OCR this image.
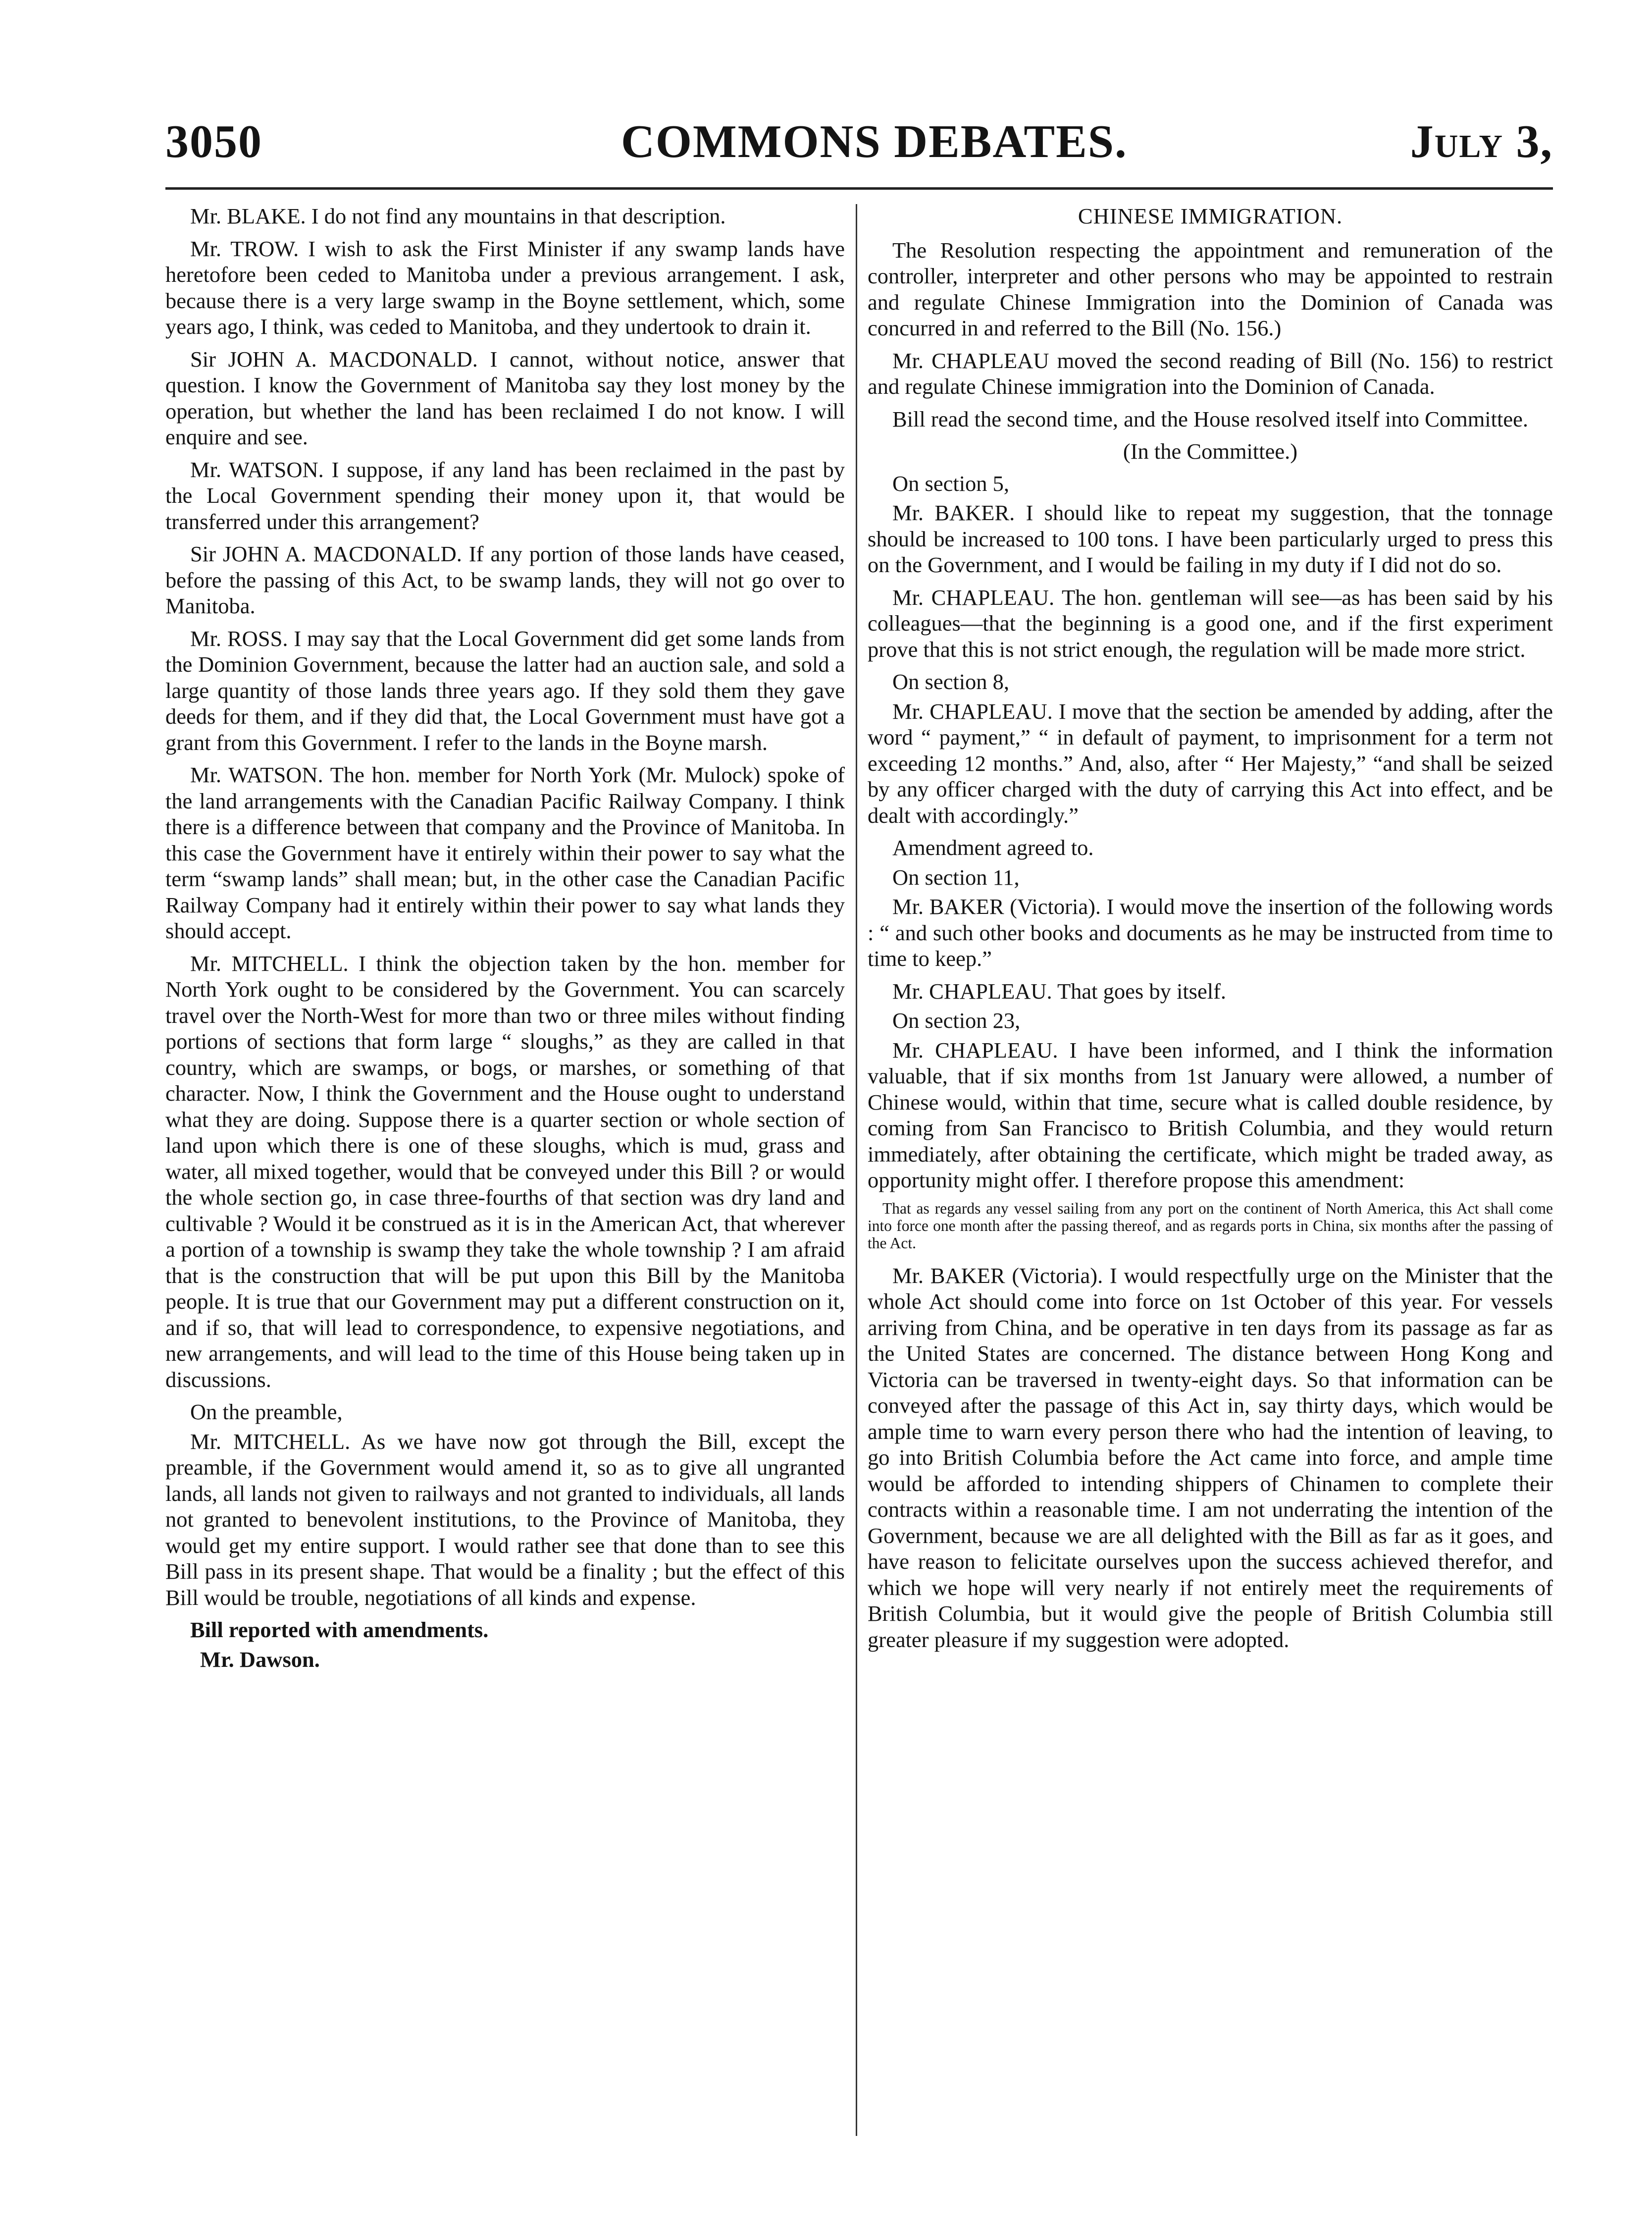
3050	COMMONS DEBATES.	July 3,

Mr. BLAKE. I do not find any mountains in that description.

Mr. TROW. I wish to ask the First Minister if any swamp lands have heretofore been ceded to Manitoba under a previous arrangement. I ask, because there is a very large swamp in the Boyne settlement, which, some years ago, I think, was ceded to Manitoba, and they undertook to drain it.

Sir JOHN A. MACDONALD. I cannot, without notice, answer that question. I know the Government of Manitoba say they lost money by the operation, but whether the land has been reclaimed I do not know. I will enquire and see.

Mr. WATSON. I suppose, if any land has been reclaimed in the past by the Local Government spending their money upon it, that would be transferred under this arrangement?

Sir JOHN A. MACDONALD. If any portion of those lands have ceased, before the passing of this Act, to be swamp lands, they will not go over to Manitoba.

Mr. ROSS. I may say that the Local Government did get some lands from the Dominion Government, because the latter had an auction sale, and sold a large quantity of those lands three years ago. If they sold them they gave deeds for them, and if they did that, the Local Government must have got a grant from this Government. I refer to the lands in the Boyne marsh.

Mr. WATSON. The hon. member for North York (Mr. Mulock) spoke of the land arrangements with the Canadian Pacific Railway Company. I think there is a difference between that company and the Province of Manitoba. In this case the Government have it entirely within their power to say what the term “swamp lands” shall mean; but, in the other case the Canadian Pacific Railway Company had it entirely within their power to say what lands they should accept.

Mr. MITCHELL. I think the objection taken by the hon. member for North York ought to be considered by the Government. You can scarcely travel over the North-West for more than two or three miles without finding portions of sections that form large “ sloughs,” as they are called in that country, which are swamps, or bogs, or marshes, or something of that character. Now, I think the Government and the House ought to understand what they are doing. Suppose there is a quarter section or whole section of land upon which there is one of these sloughs, which is mud, grass and water, all mixed together, would that be conveyed under this Bill ? or would the whole section go, in case three-fourths of that section was dry land and cultivable ? Would it be construed as it is in the American Act, that wherever a portion of a township is swamp they take the whole township ? I am afraid that is the construction that will be put upon this Bill by the Manitoba people. It is true that our Government may put a different construction on it, and if so, that will lead to correspondence, to expensive negotiations, and new arrangements, and will lead to the time of this House being taken up in discussions.

On the preamble,

Mr. MITCHELL. As we have now got through the Bill, except the preamble, if the Government would amend it, so as to give all ungranted lands, all lands not given to railways and not granted to individuals, all lands not granted to benevolent institutions, to the Province of Manitoba, they would get my entire support. I would rather see that done than to see this Bill pass in its present shape. That would be a finality ; but the effect of this Bill would be trouble, negotiations of all kinds and expense.

Bill reported with amendments.

Mr. Dawson.

CHINESE IMMIGRATION.

The Resolution respecting the appointment and remuneration of the controller, interpreter and other persons who may be appointed to restrain and regulate Chinese Immigration into the Dominion of Canada was concurred in and referred to the Bill (No. 156.)

Mr. CHAPLEAU moved the second reading of Bill (No. 156) to restrict and regulate Chinese immigration into the Dominion of Canada.

Bill read the second time, and the House resolved itself into Committee.

(In the Committee.)

On section 5,

Mr. BAKER. I should like to repeat my suggestion, that the tonnage should be increased to 100 tons. I have been particularly urged to press this on the Government, and I would be failing in my duty if I did not do so.

Mr. CHAPLEAU. The hon. gentleman will see—as has been said by his colleagues—that the beginning is a good one, and if the first experiment prove that this is not strict enough, the regulation will be made more strict.

On section 8,

Mr. CHAPLEAU. I move that the section be amended by adding, after the word “ payment,” “ in default of payment, to imprisonment for a term not exceeding 12 months.” And, also, after “ Her Majesty,” “and shall be seized by any officer charged with the duty of carrying this Act into effect, and be dealt with accordingly.”

Amendment agreed to.

On section 11,

Mr. BAKER (Victoria). I would move the insertion of the following words : “ and such other books and documents as he may be instructed from time to time to keep.”

Mr. CHAPLEAU. That goes by itself.

On section 23,

Mr. CHAPLEAU. I have been informed, and I think the information valuable, that if six months from 1st January were allowed, a number of Chinese would, within that time, secure what is called double residence, by coming from San Francisco to British Columbia, and they would return immediately, after obtaining the certificate, which might be traded away, as opportunity might offer. I therefore propose this amendment:

That as regards any vessel sailing from any port on the continent of North America, this Act shall come into force one month after the passing thereof, and as regards ports in China, six months after the passing of the Act.

Mr. BAKER (Victoria). I would respectfully urge on the Minister that the whole Act should come into force on 1st October of this year. For vessels arriving from China, and be operative in ten days from its passage as far as the United States are concerned. The distance between Hong Kong and Victoria can be traversed in twenty-eight days. So that information can be conveyed after the passage of this Act in, say thirty days, which would be ample time to warn every person there who had the intention of leaving, to go into British Columbia before the Act came into force, and ample time would be afforded to intending shippers of Chinamen to complete their contracts within a reasonable time. I am not underrating the intention of the Government, because we are all delighted with the Bill as far as it goes, and have reason to felicitate ourselves upon the success achieved therefor, and which we hope will very nearly if not entirely meet the requirements of British Columbia, but it would give the people of British Columbia still greater pleasure if my suggestion were adopted.
